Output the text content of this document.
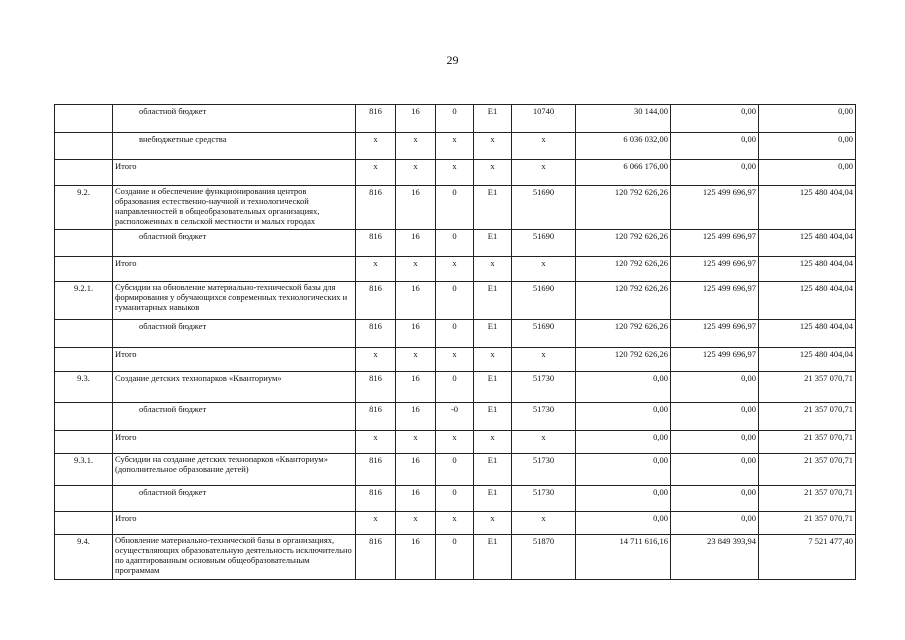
29
	областной бюджет	816	16	0	Е1	10740	30 144,00	0,00	0,00
	внебюджетные средства	х	х	х	х	х	6 036 032,00	0,00	0,00
	Итого	х	х	х	х	х	6 066 176,00	0,00	0,00
9.2.	Создание и обеспечение функционирования центров образования естественно-научной и технологической направленностей в общеобразовательных организациях, расположенных в сельской местности и малых городах	816	16	0	Е1	51690	120 792 626,26	125 499 696,97	125 480 404,04
	областной бюджет	816	16	0	Е1	51690	120 792 626,26	125 499 696,97	125 480 404,04
	Итого	х	х	х	х	х	120 792 626,26	125 499 696,97	125 480 404,04
9.2.1.	Субсидии на обновление материально-технической базы для формирования у обучающихся современных технологических и гуманитарных навыков	816	16	0	Е1	51690	120 792 626,26	125 499 696,97	125 480 404,04
	областной бюджет	816	16	0	Е1	51690	120 792 626,26	125 499 696,97	125 480 404,04
	Итого	х	х	х	х	х	120 792 626,26	125 499 696,97	125 480 404,04
9.3.	Создание детских технопарков «Кванториум»	816	16	0	Е1	51730	0,00	0,00	21 357 070,71
	областной бюджет	816	16	-0	Е1	51730	0,00	0,00	21 357 070,71
	Итого	х	х	х	х	х	0,00	0,00	21 357 070,71
9.3.1.	Субсидии на создание детских технопарков «Кванториум» (дополнительное образование детей)	816	16	0	Е1	51730	0,00	0,00	21 357 070,71
	областной бюджет	816	16	0	Е1	51730	0,00	0,00	21 357 070,71
	Итого	х	х	х	х	х	0,00	0,00	21 357 070,71
9.4.	Обновление материально-технической базы в организациях, осуществляющих образовательную деятельность исключительно по адаптированным основным общеобразовательным программам	816	16	0	Е1	51870	14 711 616,16	23 849 393,94	7 521 477,40
